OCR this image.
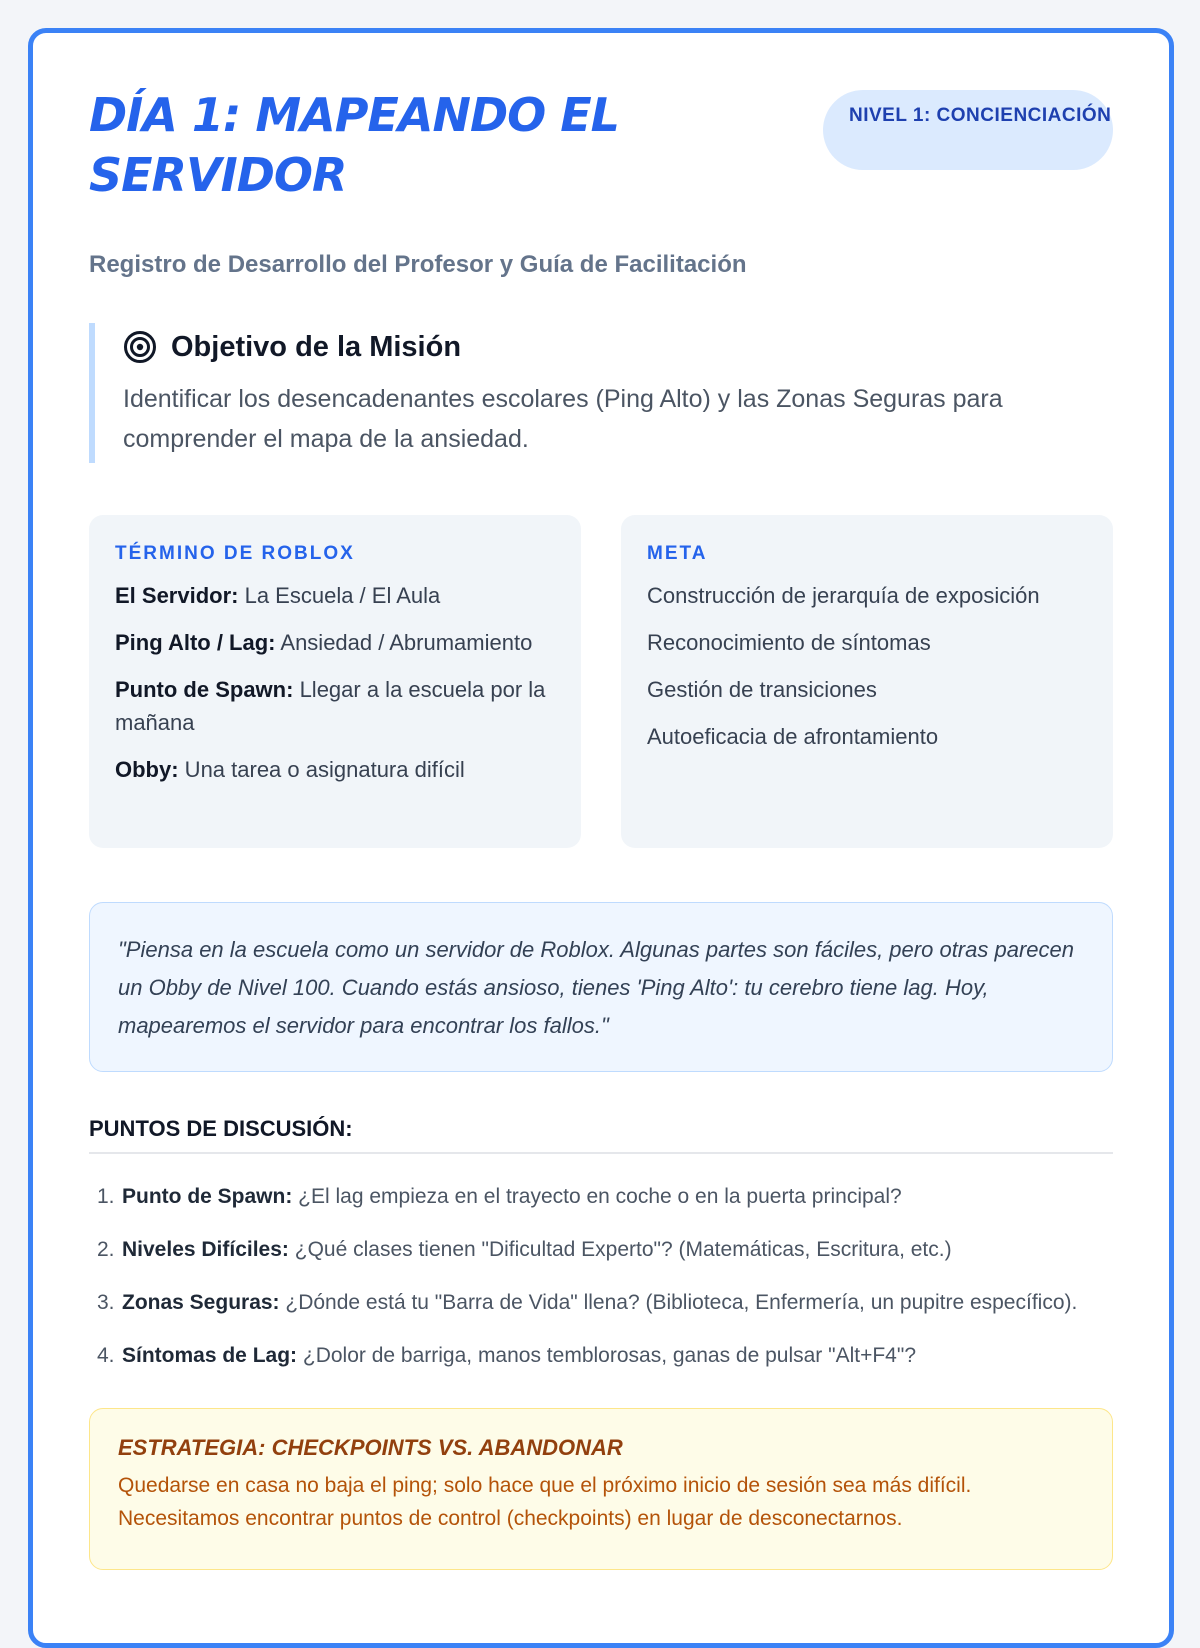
DÍA 1: MAPEANDO EL SERVIDOR
NIVEL 1: CONCIENCIACIÓN
Registro de Desarrollo del Profesor y Guía de Facilitación
Objetivo de la Misión
Identificar los desencadenantes escolares (Ping Alto) y las Zonas Seguras para comprender el mapa de la ansiedad.
TÉRMINO DE ROBLOX
El Servidor: La Escuela / El Aula
Ping Alto / Lag: Ansiedad / Abrumamiento
Punto de Spawn: Llegar a la escuela por la mañana
Obby: Una tarea o asignatura difícil
META
Construcción de jerarquía de exposición
Reconocimiento de síntomas
Gestión de transiciones
Autoeficacia de afrontamiento
"Piensa en la escuela como un servidor de Roblox. Algunas partes son fáciles, pero otras parecen un Obby de Nivel 100. Cuando estás ansioso, tienes 'Ping Alto': tu cerebro tiene lag. Hoy, mapearemos el servidor para encontrar los fallos."
PUNTOS DE DISCUSIÓN:
1. Punto de Spawn: ¿El lag empieza en el trayecto en coche o en la puerta principal?
2. Niveles Difíciles: ¿Qué clases tienen "Dificultad Experto"? (Matemáticas, Escritura, etc.)
3. Zonas Seguras: ¿Dónde está tu "Barra de Vida" llena? (Biblioteca, Enfermería, un pupitre específico).
4. Síntomas de Lag: ¿Dolor de barriga, manos temblorosas, ganas de pulsar "Alt+F4"?
ESTRATEGIA: CHECKPOINTS VS. ABANDONAR
Quedarse en casa no baja el ping; solo hace que el próximo inicio de sesión sea más difícil. Necesitamos encontrar puntos de control (checkpoints) en lugar de desconectarnos.
